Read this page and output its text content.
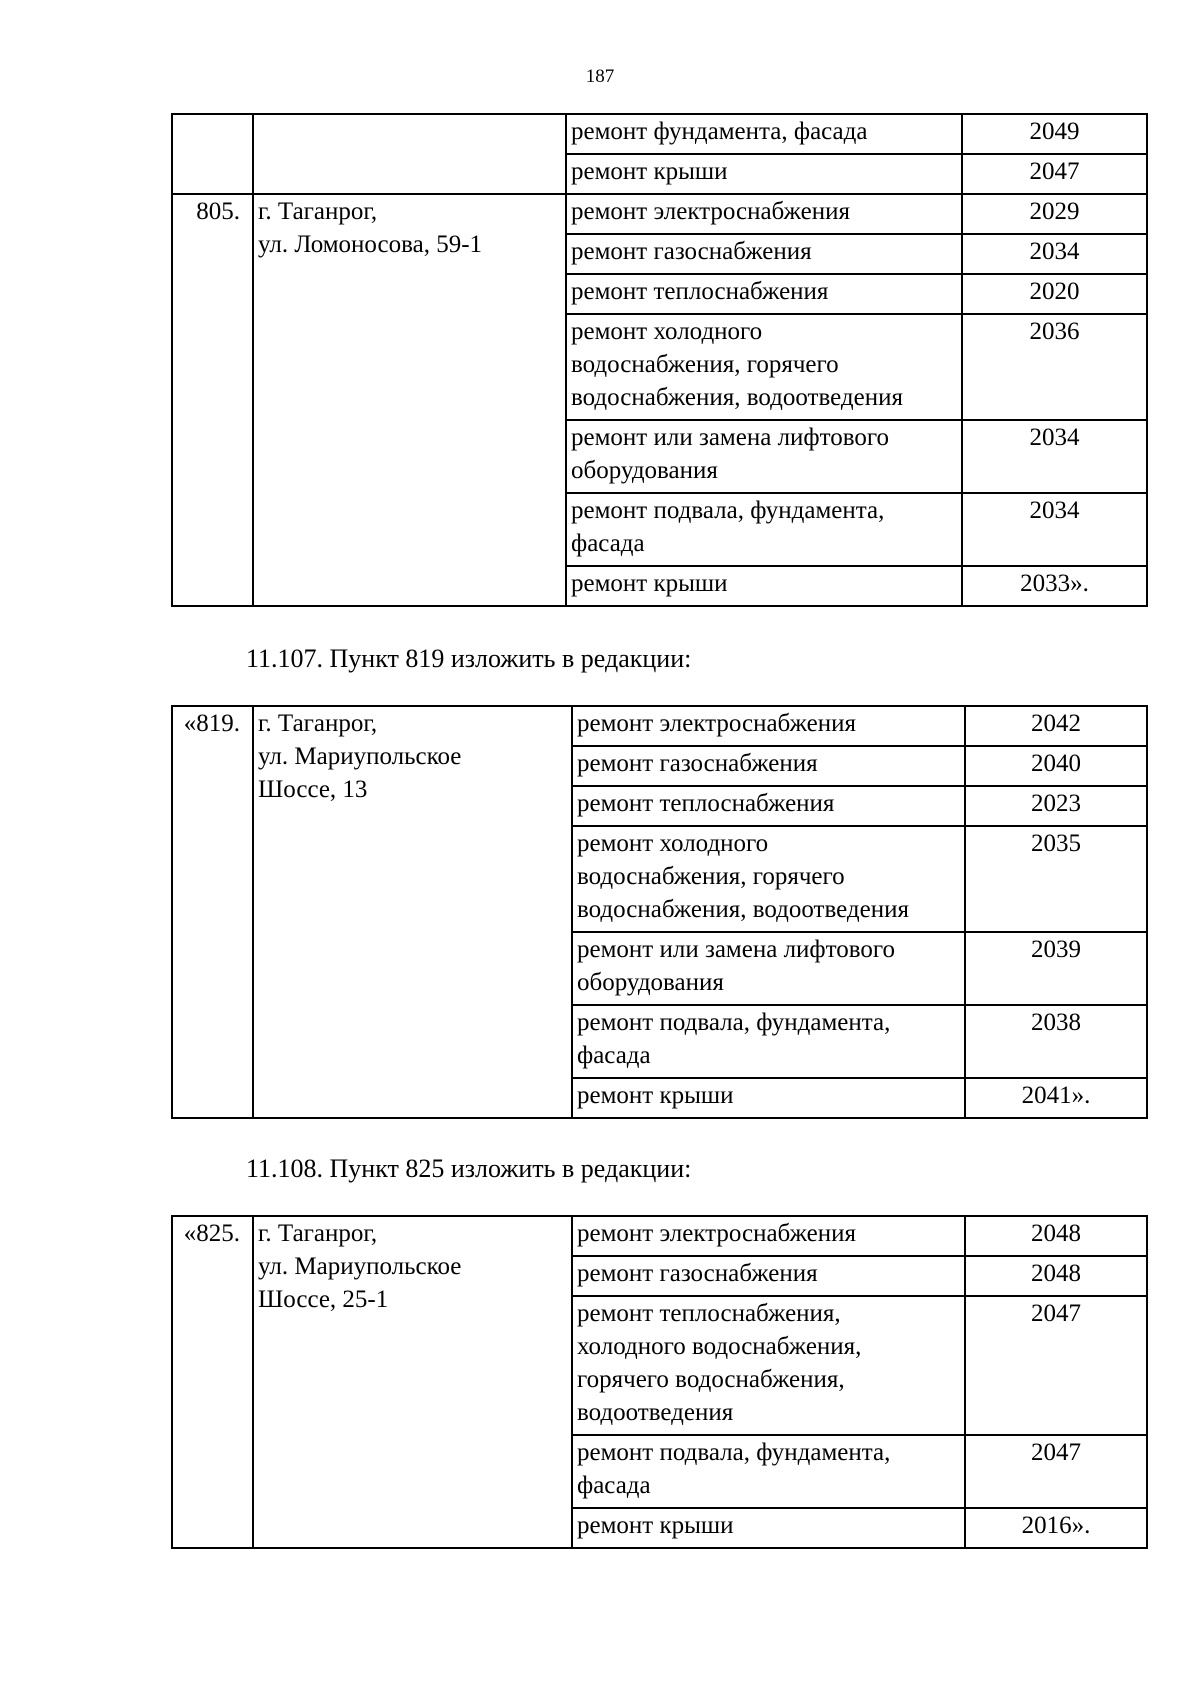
187

		ремонт фундамента, фасада	2049

		ремонт крыши	2047
805.	г. Таганрог,
ул. Ломоносова, 59-1	ремонт электроснабжения	2029

		ремонт газоснабжения	2034

		ремонт теплоснабжения	2020

		ремонт холодного
водоснабжения, горячего
водоснабжения, водоотведения	2036

		ремонт или замена лифтового
оборудования	2034

		ремонт подвала, фундамента,
фасада	2034

		ремонт крыши	2033».
11.107. Пункт 819 изложить в редакции:
«819.	г. Таганрог,
ул. Мариупольское
Шоссе, 13	ремонт электроснабжения	2042

		ремонт газоснабжения	2040

		ремонт теплоснабжения	2023

		ремонт холодного
водоснабжения, горячего
водоснабжения, водоотведения	2035

		ремонт или замена лифтового
оборудования	2039

		ремонт подвала, фундамента,
фасада	2038

		ремонт крыши	2041».
11.108. Пункт 825 изложить в редакции:
«825.	г. Таганрог,
ул. Мариупольское
Шоссе, 25-1	ремонт электроснабжения	2048

		ремонт газоснабжения	2048

		ремонт теплоснабжения,
холодного водоснабжения,
горячего водоснабжения,
водоотведения	2047

		ремонт подвала, фундамента,
фасада	2047

		ремонт крыши	2016».
